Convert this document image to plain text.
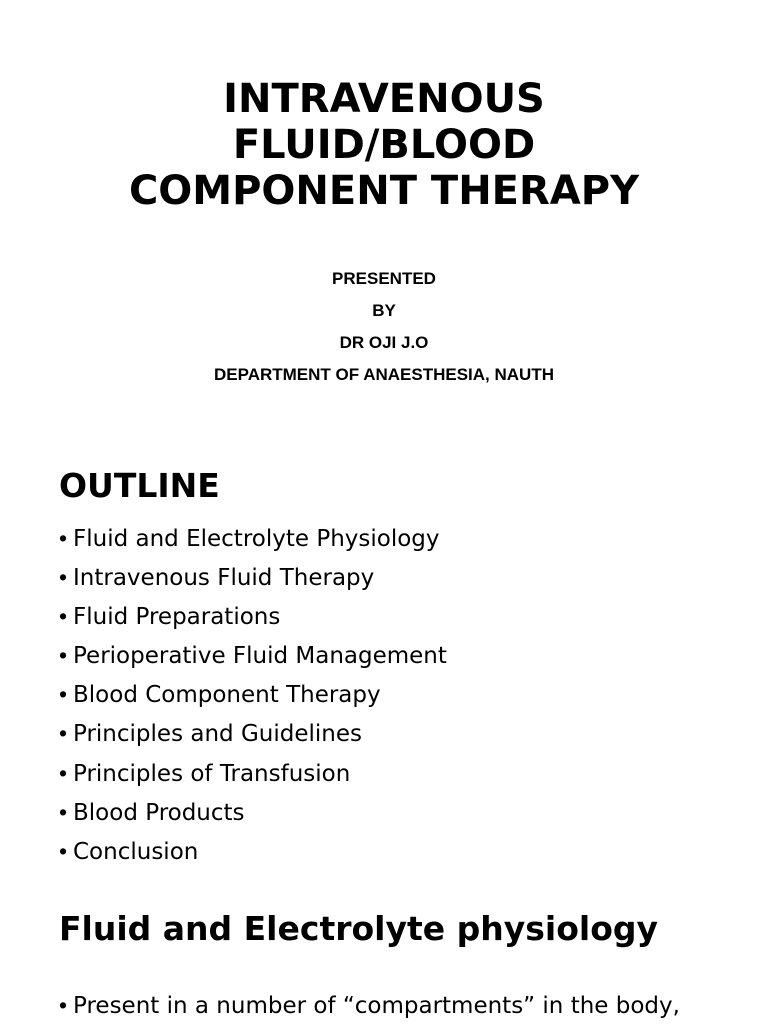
INTRAVENOUS
FLUID/BLOOD
COMPONENT THERAPY
PRESENTED
BY
DR OJI J.O
DEPARTMENT OF ANAESTHESIA, NAUTH
OUTLINE
• Fluid and Electrolyte Physiology
• Intravenous Fluid Therapy
• Fluid Preparations
• Perioperative Fluid Management
• Blood Component Therapy
• Principles and Guidelines
• Principles of Transfusion
• Blood Products
• Conclusion
Fluid and Electrolyte physiology
• Present in a number of “compartments” in the body,
